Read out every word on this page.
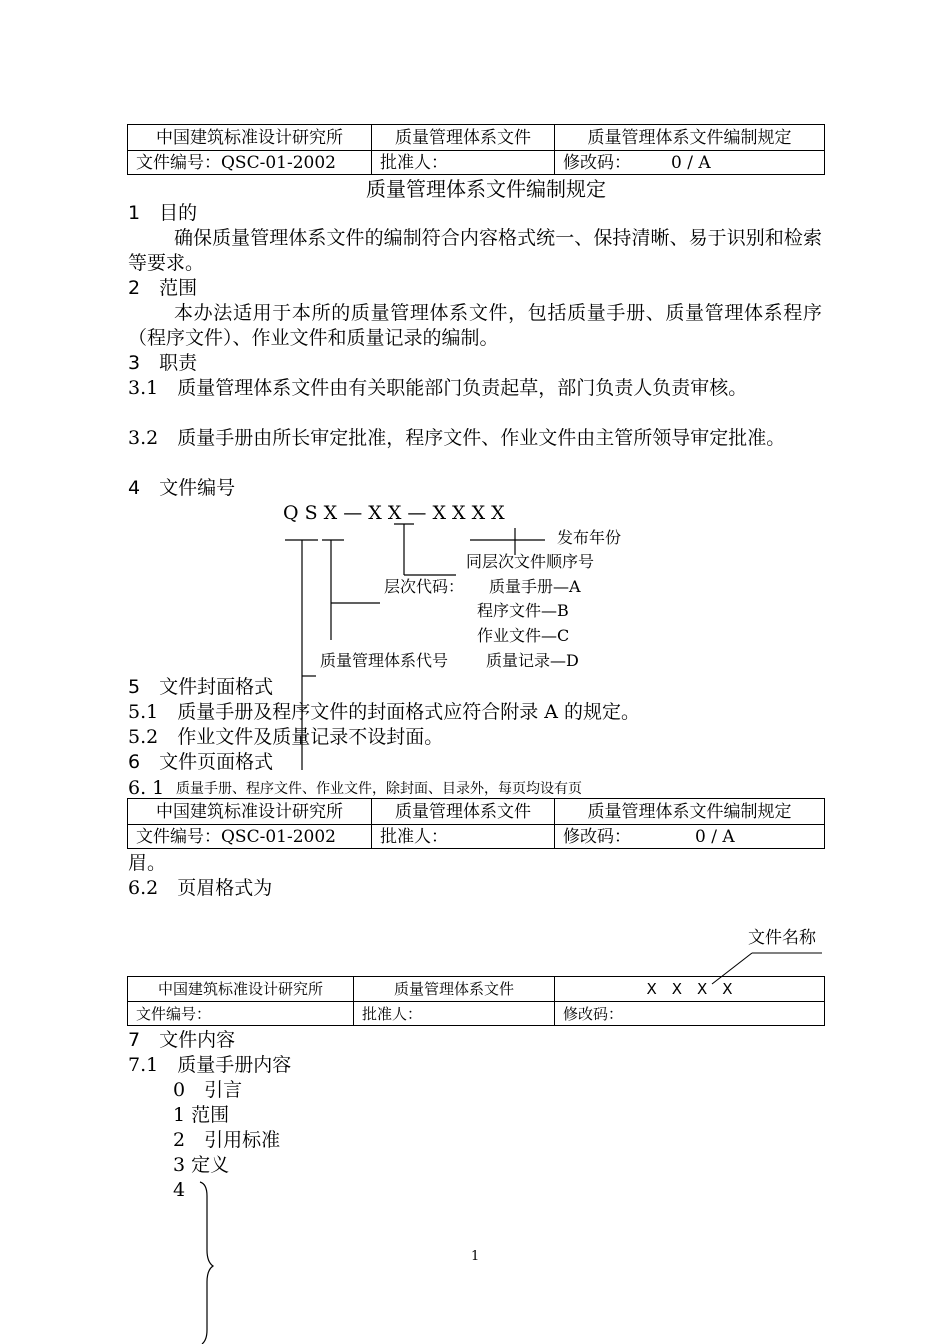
中国建筑标准设计研究所	质量管理体系文件	质量管理体系文件编制规定
文件编号：QSC-01-2002	批准人：	修改码： 0 / A
质量管理体系文件编制规定
1　目的
确保质量管理体系文件的编制符合内容格式统一、保持清晰、易于识别和检索等要求。
2　范围
本办法适用于本所的质量管理体系文件，包括质量手册、质量管理体系程序（程序文件）、作业文件和质量记录的编制。
3　职责
3.1　质量管理体系文件由有关职能部门负责起草，部门负责人负责审核。
3.2　质量手册由所长审定批准，程序文件、作业文件由主管所领导审定批准。
4　文件编号
Q S X — X X — X X X X
发布年份
同层次文件顺序号
层次代码： 质量手册—A
程序文件—B
作业文件—C
质量管理体系代号 质量记录—D
5　文件封面格式
5.1　质量手册及程序文件的封面格式应符合附录 A 的规定。
5.2　作业文件及质量记录不设封面。
6　文件页面格式
6. 1 质量手册、程序文件、作业文件，除封面、目录外，每页均设有页
中国建筑标准设计研究所	质量管理体系文件	质量管理体系文件编制规定
文件编号：QSC-01-2002	批准人：	修改码： 0 / A
眉。
6.2　页眉格式为
文件名称
中国建筑标准设计研究所	质量管理体系文件	X　X　X　X
文件编号：	批准人：	修改码：
7　文件内容
7.1　质量手册内容
0　引言
1 范围
2　引用标准
3 定义
4
1
